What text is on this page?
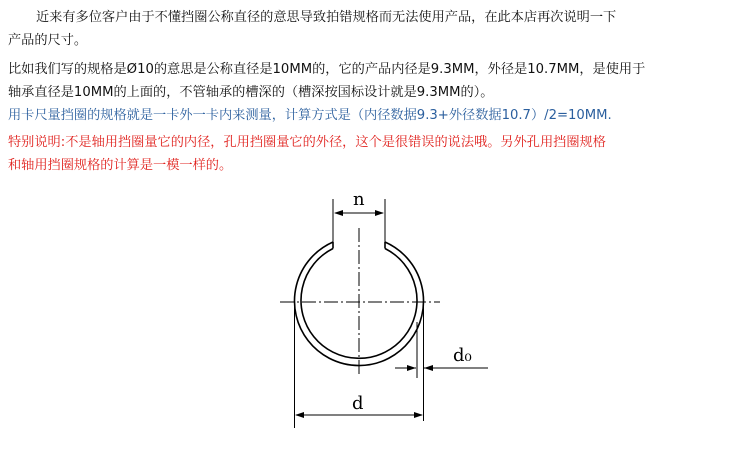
近来有多位客户由于不懂挡圈公称直径的意思导致拍错规格而无法使用产品，在此本店再次说明一下
产品的尺寸。
比如我们写的规格是Ø10的意思是公称直径是10MM的，它的产品内径是9.3MM，外径是10.7MM，是使用于
轴承直径是10MM的上面的，不管轴承的槽深的（槽深按国标设计就是9.3MM的）。
用卡尺量挡圈的规格就是一卡外一卡内来测量，计算方式是（内径数据9.3+外径数据10.7）/2=10MM.
特别说明:不是轴用挡圈量它的内径，孔用挡圈量它的外径，这个是很错误的说法哦。另外孔用挡圈规格
和轴用挡圈规格的计算是一模一样的。
n
d₀
d
